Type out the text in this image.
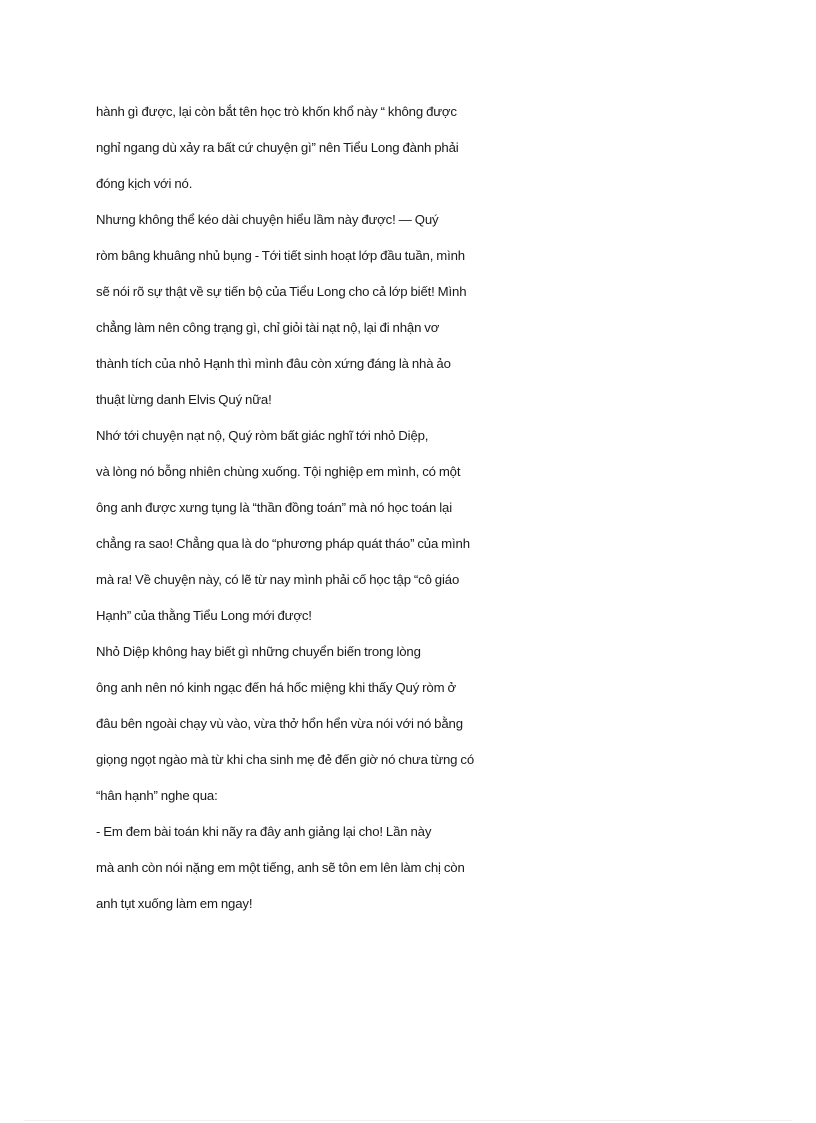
hành gì được, lại còn bắt tên học trò khốn khổ này “ không được
nghỉ ngang dù xảy ra bất cứ chuyện gì” nên Tiểu Long đành phải
đóng kịch với nó.
Nhưng không thể kéo dài chuyện hiểu lầm này được! — Quý
ròm bâng khuâng nhủ bụng - Tới tiết sinh hoạt lớp đầu tuần, mình
sẽ nói rõ sự thật về sự tiến bộ của Tiểu Long cho cả lớp biết! Mình
chẳng làm nên công trạng gì, chỉ giỏi tài nạt nộ, lại đi nhận vơ
thành tích của nhỏ Hạnh thì mình đâu còn xứng đáng là nhà ảo
thuật lừng danh Elvis Quý nữa!
Nhớ tới chuyện nạt nộ, Quý ròm bất giác nghĩ tới nhỏ Diệp,
và lòng nó bỗng nhiên chùng xuống. Tội nghiệp em mình, có một
ông anh được xưng tụng là “thần đồng toán” mà nó học toán lại
chẳng ra sao! Chẳng qua là do “phương pháp quát tháo” của mình
mà ra! Về chuyện này, có lẽ từ nay mình phải cố học tập “cô giáo
Hạnh” của thằng Tiểu Long mới được!
Nhỏ Diệp không hay biết gì những chuyển biến trong lòng
ông anh nên nó kinh ngạc đến há hốc miệng khi thấy Quý ròm ở
đâu bên ngoài chạy vù vào, vừa thở hổn hển vừa nói với nó bằng
giọng ngọt ngào mà từ khi cha sinh mẹ đẻ đến giờ nó chưa từng có
“hân hạnh” nghe qua:
- Em đem bài toán khi nãy ra đây anh giảng lại cho! Lần này
mà anh còn nói nặng em một tiếng, anh sẽ tôn em lên làm chị còn
anh tụt xuống làm em ngay!
